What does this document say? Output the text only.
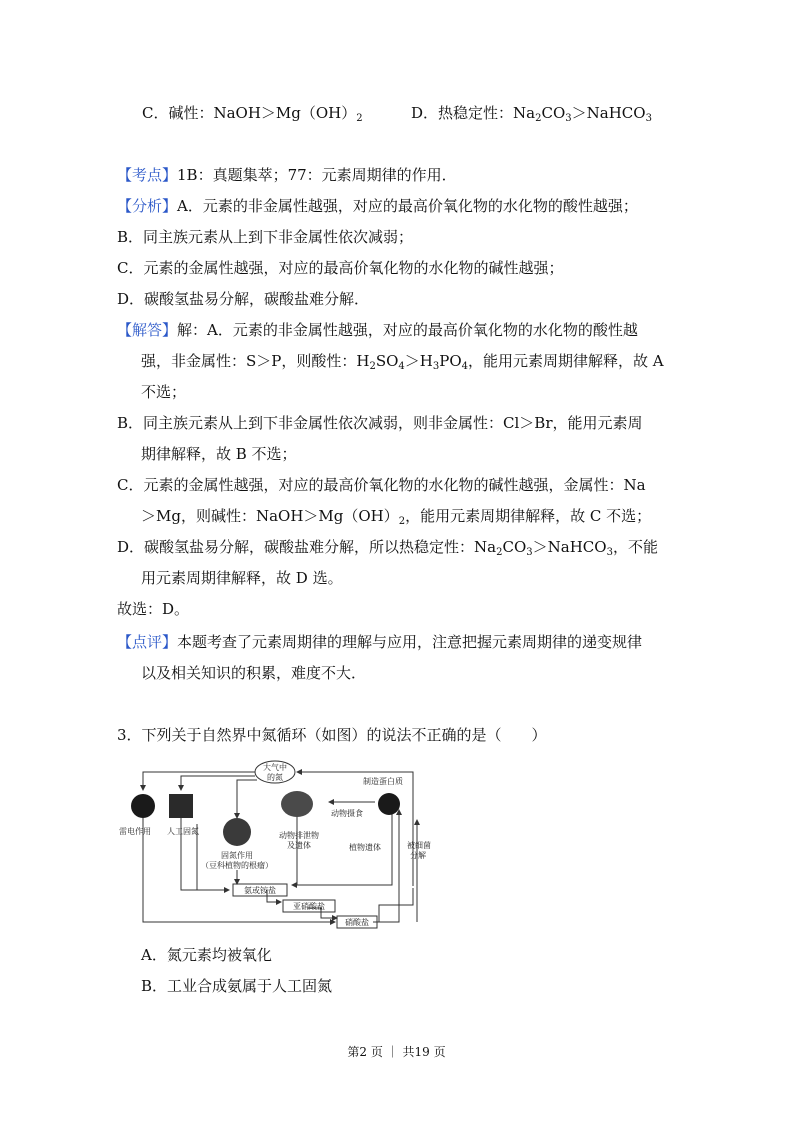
C．碱性：$NaOH>Mg(OH)_2$	D．热稳定性：$Na_2CO_3>NaHCO_3$
【考点】1B：真题集萃；77：元素周期律的作用．
【分析】A．元素的非金属性越强，对应的最高价氧化物的水化物的酸性越强；
B．同主族元素从上到下非金属性依次减弱；
C．元素的金属性越强，对应的最高价氧化物的水化物的碱性越强；
D．碳酸氢盐易分解，碳酸盐难分解．
【解答】解：A．元素的非金属性越强，对应的最高价氧化物的水化物的酸性越
强，非金属性：S＞P，则酸性：$H_2SO_4>H_3PO_4$，能用元素周期律解释，故 A
不选；
B．同主族元素从上到下非金属性依次减弱，则非金属性：Cl＞Br，能用元素周
期律解释，故 B 不选；
C．元素的金属性越强，对应的最高价氧化物的水化物的碱性越强，金属性：Na
＞Mg，则碱性：$NaOH>Mg(OH)_2$，能用元素周期律解释，故 C 不选；
D．碳酸氢盐易分解，碳酸盐难分解，所以热稳定性：$Na_2CO_3>NaHCO_3$，不能
用元素周期律解释，故 D 选。
故选：D。
【点评】本题考查了元素周期律的理解与应用，注意把握元素周期律的递变规律
以及相关知识的积累，难度不大．
3．下列关于自然界中氮循环（如图）的说法不正确的是（　　）
大气中
的氮
雷电作用 人工固氮
固氮作用
（豆科植物的根瘤）
动物排泄物
及遗体
动物摄食
植物遗体
制造蛋白质
被细菌
分解
氨或铵盐
亚硝酸盐
硝酸盐
A．氮元素均被氧化
B．工业合成氨属于人工固氮
第2 页 ｜ 共19 页
